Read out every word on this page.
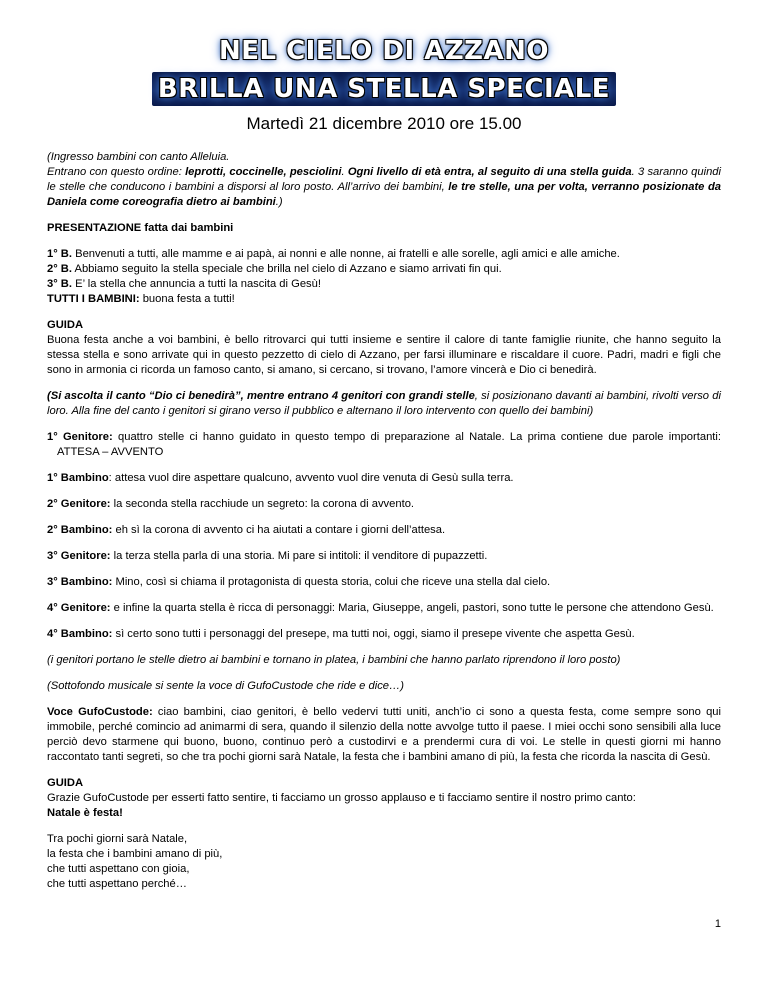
NEL CIELO DI AZZANO
BRILLA UNA STELLA SPECIALE
Martedì 21 dicembre 2010 ore 15.00

(Ingresso bambini con canto Alleluia.
Entrano con questo ordine: leprotti, coccinelle, pesciolini. Ogni livello di età entra, al seguito di una stella guida. 3 saranno quindi le stelle che conducono i bambini a disporsi al loro posto. All’arrivo dei bambini, le tre stelle, una per volta, verranno posizionate da Daniela come coreografia dietro ai bambini.)

PRESENTAZIONE fatta dai bambini

1° B. Benvenuti a tutti, alle mamme e ai papà, ai nonni e alle nonne, ai fratelli e alle sorelle, agli amici e alle amiche.

2° B. Abbiamo seguito la stella speciale che brilla nel cielo di Azzano e siamo arrivati fin qui.

3° B. E’ la stella che annuncia a tutti la nascita di Gesù!

TUTTI I BAMBINI: buona festa a tutti!

GUIDA

Buona festa anche a voi bambini, è bello ritrovarci qui tutti insieme e sentire il calore di tante famiglie riunite, che hanno seguito la stessa stella e sono arrivate qui in questo pezzetto di cielo di Azzano, per farsi illuminare e riscaldare il cuore. Padri, madri e figli che sono in armonia ci ricorda un famoso canto, si amano, si cercano, si trovano, l’amore vincerà e Dio ci benedirà.

(Si ascolta il canto “Dio ci benedirà”, mentre entrano 4 genitori con grandi stelle, si posizionano davanti ai bambini, rivolti verso di loro. Alla fine del canto i genitori si girano verso il pubblico e alternano il loro intervento con quello dei bambini)

1° Genitore: quattro stelle ci hanno guidato in questo tempo di preparazione al Natale. La prima contiene due parole importanti: ATTESA – AVVENTO

1° Bambino: attesa vuol dire aspettare qualcuno, avvento vuol dire venuta di Gesù sulla terra.

2° Genitore: la seconda stella racchiude un segreto: la corona di avvento.

2° Bambino: eh sì la corona di avvento ci ha aiutati a contare i giorni dell’attesa.

3° Genitore: la terza stella parla di una storia. Mi pare si intitoli: il venditore di pupazzetti.

3° Bambino: Mino, così si chiama il protagonista di questa storia, colui che riceve una stella dal cielo.

4° Genitore: e infine la quarta stella è ricca di personaggi: Maria, Giuseppe, angeli, pastori, sono tutte le persone che attendono Gesù.

4° Bambino: sì certo sono tutti i personaggi del presepe, ma tutti noi, oggi, siamo il presepe vivente che aspetta Gesù.

(i genitori portano le stelle dietro ai bambini e tornano in platea, i bambini che hanno parlato riprendono il loro posto)

(Sottofondo musicale si sente la voce di GufoCustode che ride e dice…)

Voce GufoCustode: ciao bambini, ciao genitori, è bello vedervi tutti uniti, anch’io ci sono a questa festa, come sempre sono qui immobile, perché comincio ad animarmi di sera, quando il silenzio della notte avvolge tutto il paese. I miei occhi sono sensibili alla luce perciò devo starmene qui buono, buono, continuo però a custodirvi e a prendermi cura di voi. Le stelle in questi giorni mi hanno raccontato tanti segreti, so che tra pochi giorni sarà Natale, la festa che i bambini amano di più, la festa che ricorda la nascita di Gesù.

GUIDA

Grazie GufoCustode per esserti fatto sentire, ti facciamo un grosso applauso e ti facciamo sentire il nostro primo canto:
Natale è festa!

Tra pochi giorni sarà Natale,

la festa che i bambini amano di più,

che tutti aspettano con gioia,

che tutti aspettano perché…

1
